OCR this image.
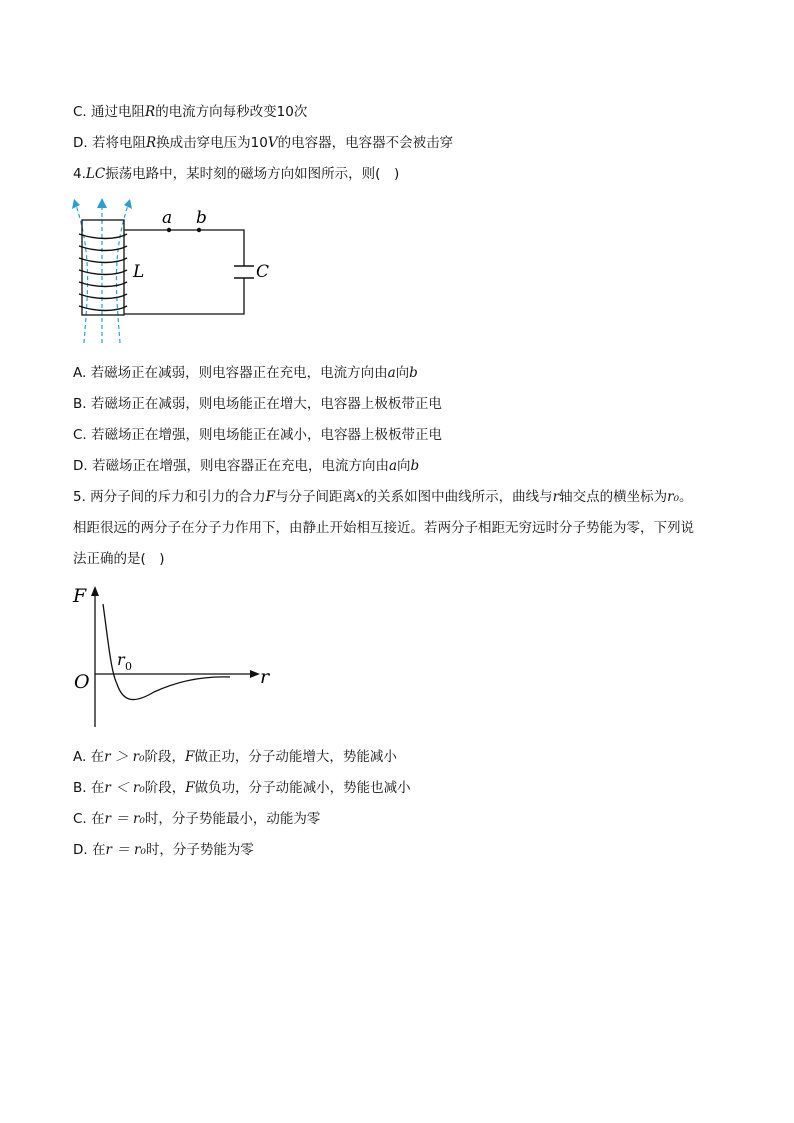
C. 通过电阻R的电流方向每秒改变10次
D. 若将电阻R换成击穿电压为10V的电容器，电容器不会被击穿
4.LC振荡电路中，某时刻的磁场方向如图所示，则(　)
a b
L	C
A. 若磁场正在减弱，则电容器正在充电，电流方向由a向b
B. 若磁场正在减弱，则电场能正在增大，电容器上极板带正电
C. 若磁场正在增强，则电场能正在减小，电容器上极板带正电
D. 若磁场正在增强，则电容器正在充电，电流方向由a向b
5. 两分子间的斥力和引力的合力F与分子间距离x的关系如图中曲线所示，曲线与r轴交点的横坐标为r₀。
相距很远的两分子在分子力作用下，由静止开始相互接近。若两分子相距无穷远时分子势能为零，下列说
法正确的是(　)
F
O	r
r 0
A. 在r ＞ r₀阶段，F做正功，分子动能增大，势能减小
B. 在r ＜ r₀阶段，F做负功，分子动能减小，势能也减小
C. 在r ＝ r₀时，分子势能最小，动能为零
D. 在r ＝ r₀时，分子势能为零
